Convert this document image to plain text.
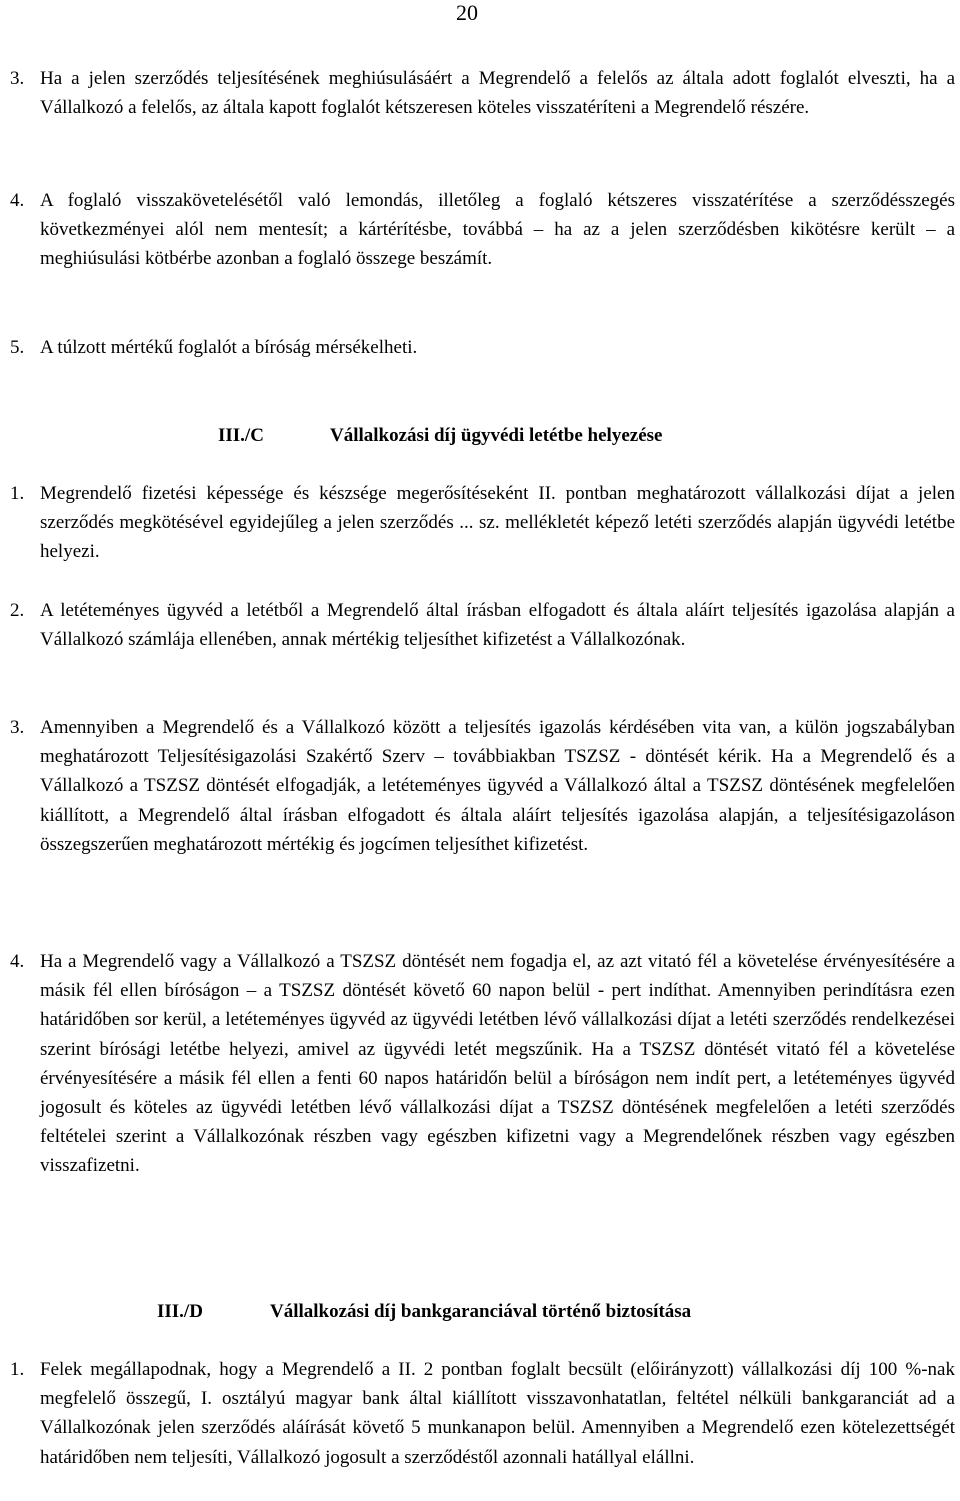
20
3. Ha a jelen szerződés teljesítésének meghiúsulásáért a Megrendelő a felelős az általa adott foglalót elveszti, ha a Vállalkozó a felelős, az általa kapott foglalót kétszeresen köteles visszatéríteni a Megrendelő részére.
4. A foglaló visszakövetelésétől való lemondás, illetőleg a foglaló kétszeres visszatérítése a szerződésszegés következményei alól nem mentesít; a kártérítésbe, továbbá – ha az a jelen szerződésben kikötésre került – a meghiúsulási kötbérbe azonban a foglaló összege beszámít.
5. A túlzott mértékű foglalót a bíróság mérsékelheti.
III./C	Vállalkozási díj ügyvédi letétbe helyezése
1. Megrendelő fizetési képessége és készsége megerősítéseként II. pontban meghatározott vállalkozási díjat a jelen szerződés megkötésével egyidejűleg a jelen szerződés ... sz. mellékletét képező letéti szerződés alapján ügyvédi letétbe helyezi.
2. A letéteményes ügyvéd a letétből a Megrendelő által írásban elfogadott és általa aláírt teljesítés igazolása alapján a Vállalkozó számlája ellenében, annak mértékig teljesíthet kifizetést a Vállalkozónak.
3. Amennyiben a Megrendelő és a Vállalkozó között a teljesítés igazolás kérdésében vita van, a külön jogszabályban meghatározott Teljesítésigazolási Szakértő Szerv – továbbiakban TSZSZ - döntését kérik. Ha a Megrendelő és a Vállalkozó a TSZSZ döntését elfogadják, a letéteményes ügyvéd a Vállalkozó által a TSZSZ döntésének megfelelően kiállított, a Megrendelő által írásban elfogadott és általa aláírt teljesítés igazolása alapján, a teljesítésigazoláson összegszerűen meghatározott mértékig és jogcímen teljesíthet kifizetést.
4. Ha a Megrendelő vagy a Vállalkozó a TSZSZ döntését nem fogadja el, az azt vitató fél a követelése érvényesítésére a másik fél ellen bíróságon – a TSZSZ döntését követő 60 napon belül - pert indíthat. Amennyiben perindításra ezen határidőben sor kerül, a letéteményes ügyvéd az ügyvédi letétben lévő vállalkozási díjat a letéti szerződés rendelkezései szerint bírósági letétbe helyezi, amivel az ügyvédi letét megszűnik. Ha a TSZSZ döntését vitató fél a követelése érvényesítésére a másik fél ellen a fenti 60 napos határidőn belül a bíróságon nem indít pert, a letéteményes ügyvéd jogosult és köteles az ügyvédi letétben lévő vállalkozási díjat a TSZSZ döntésének megfelelően a letéti szerződés feltételei szerint a Vállalkozónak részben vagy egészben kifizetni vagy a Megrendelőnek részben vagy egészben visszafizetni.
III./D	Vállalkozási díj bankgaranciával történő biztosítása
1. Felek megállapodnak, hogy a Megrendelő a II. 2 pontban foglalt becsült (előirányzott) vállalkozási díj 100 %-nak megfelelő összegű, I. osztályú magyar bank által kiállított visszavonhatatlan, feltétel nélküli bankgaranciát ad a Vállalkozónak jelen szerződés aláírását követő 5 munkanapon belül. Amennyiben a Megrendelő ezen kötelezettségét határidőben nem teljesíti, Vállalkozó jogosult a szerződéstől azonnali hatállyal elállni.
